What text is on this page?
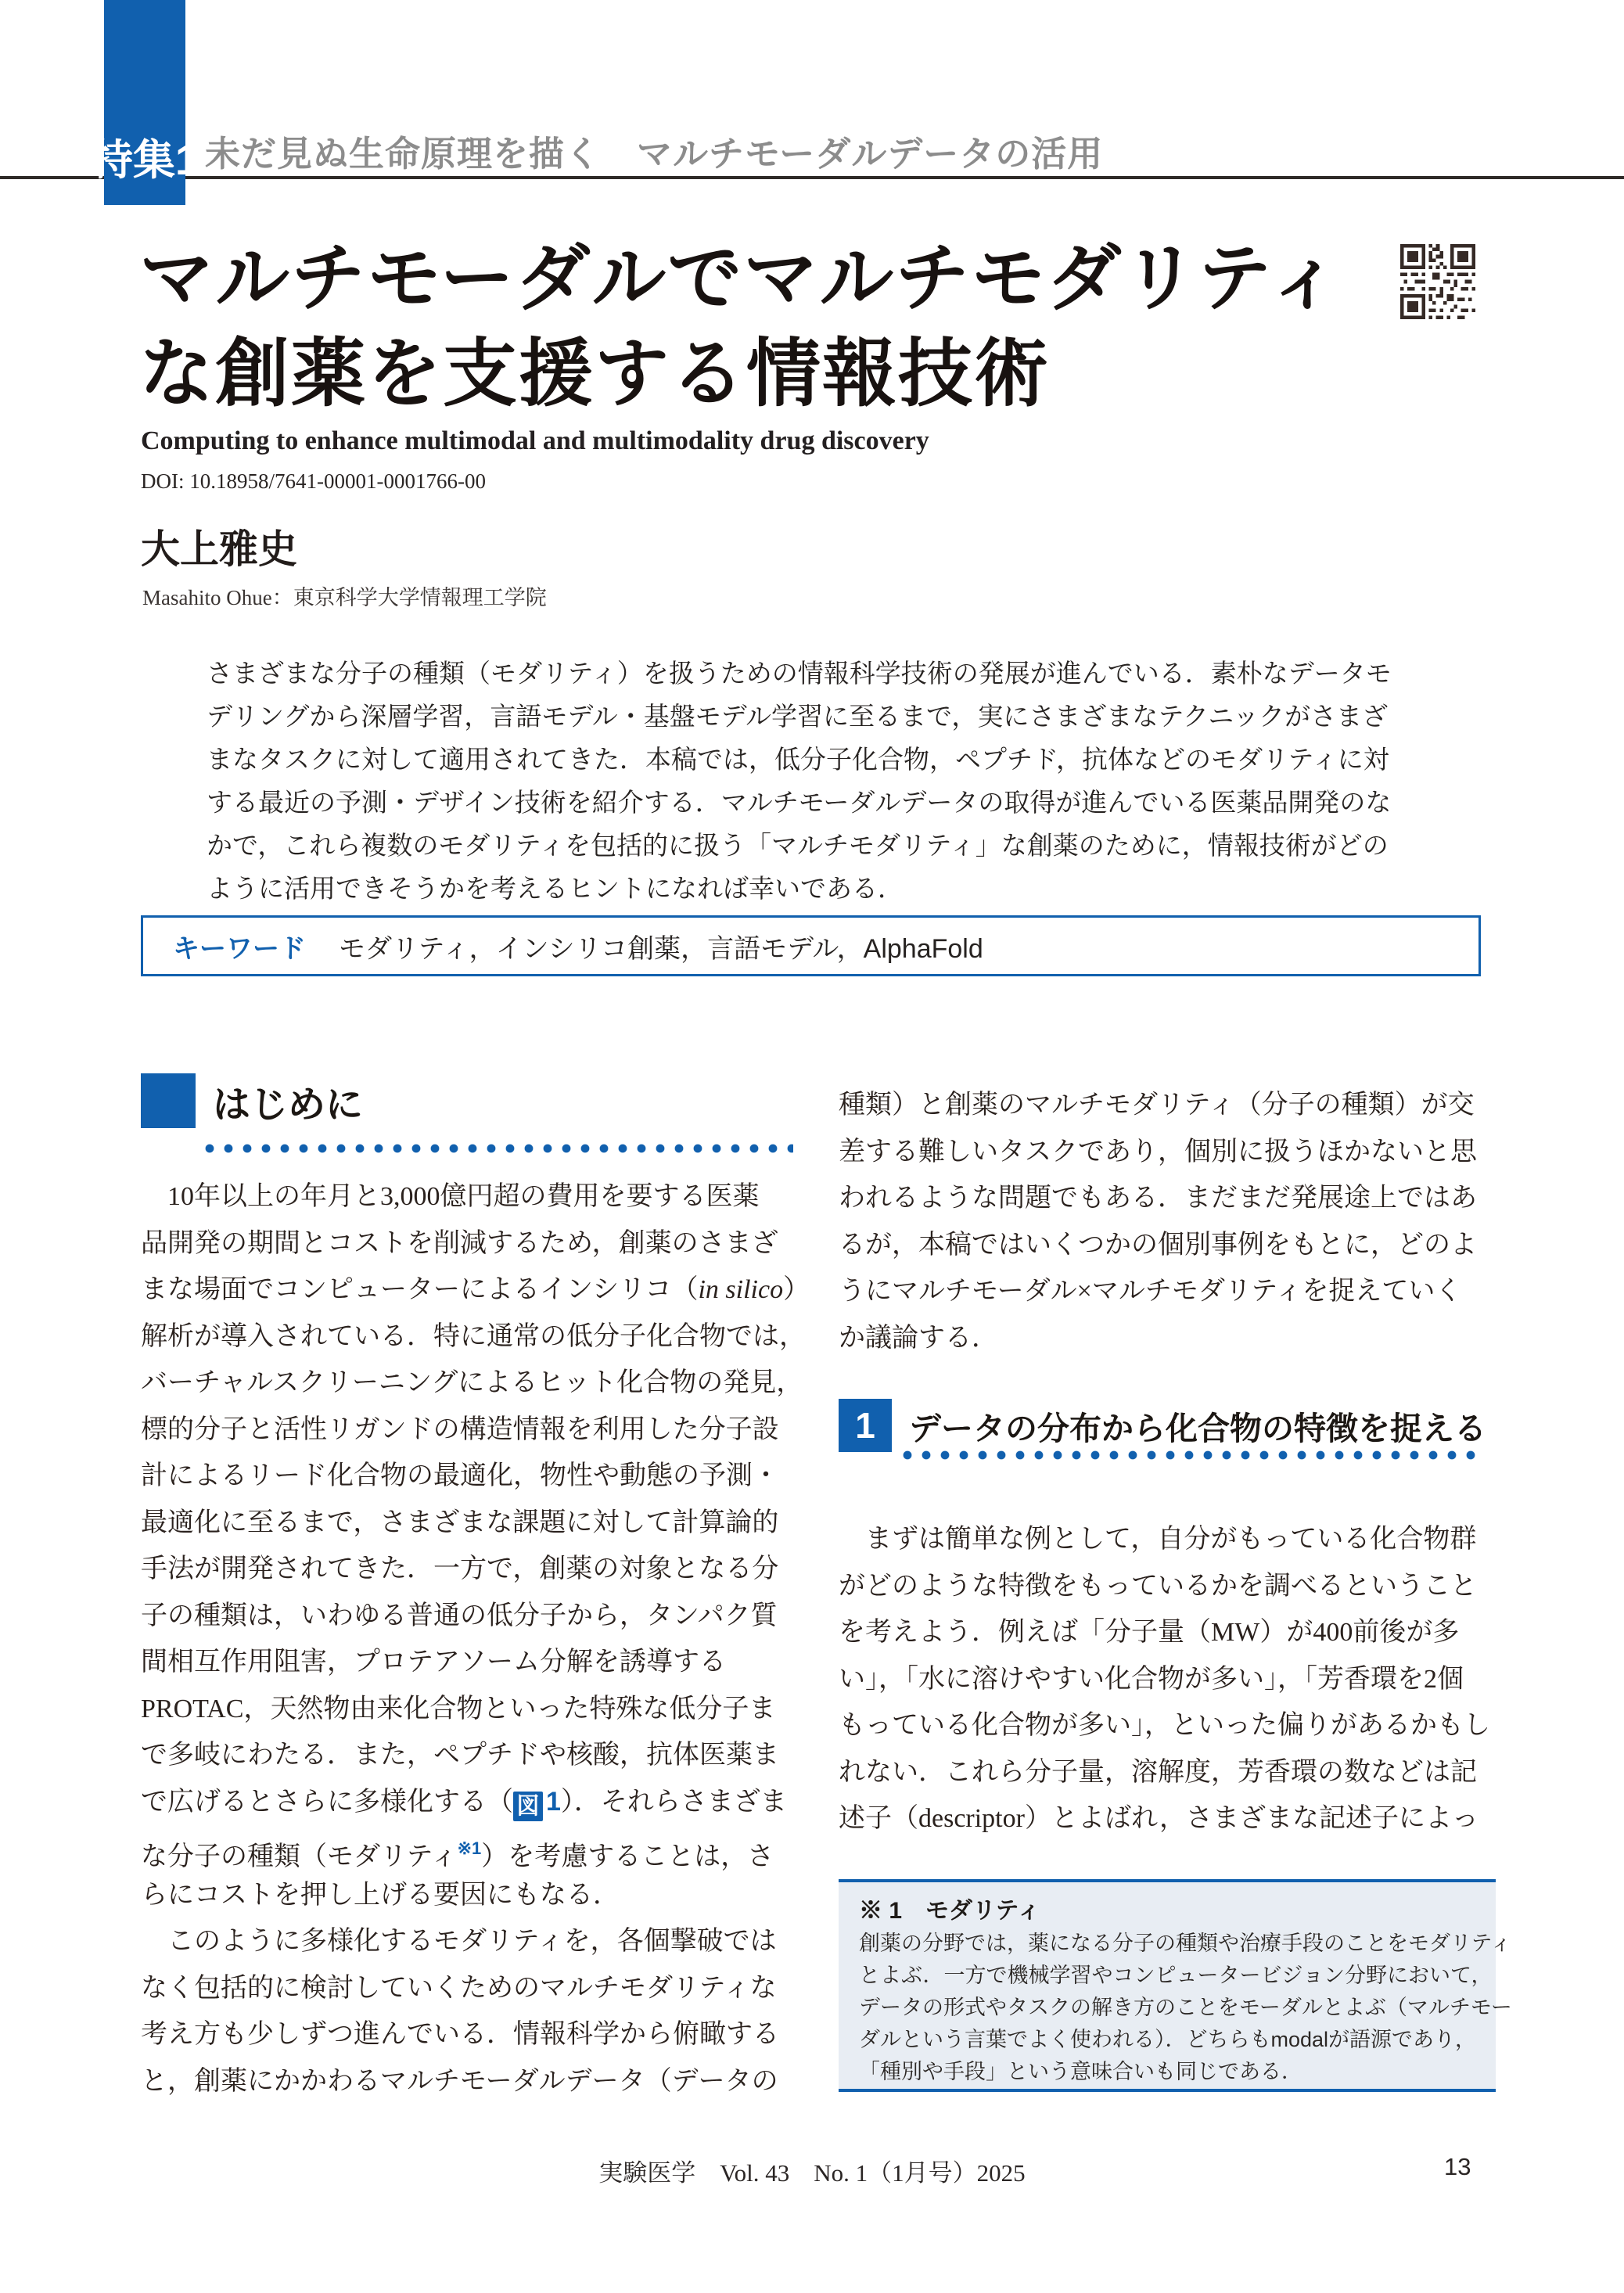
特集1 未だ見ぬ生命原理を描く　マルチモーダルデータの活用
マルチモーダルでマルチモダリティ
な創薬を支援する情報技術
Computing to enhance multimodal and multimodality drug discovery
DOI: 10.18958/7641-00001-0001766-00
大上雅史
Masahito Ohue：東京科学大学情報理工学院
さまざまな分子の種類（モダリティ）を扱うための情報科学技術の発展が進んでいる．素朴なデータモ
デリングから深層学習，言語モデル・基盤モデル学習に至るまで，実にさまざまなテクニックがさまざ
まなタスクに対して適用されてきた．本稿では，低分子化合物，ペプチド，抗体などのモダリティに対
する最近の予測・デザイン技術を紹介する．マルチモーダルデータの取得が進んでいる医薬品開発のな
かで，これら複数のモダリティを包括的に扱う「マルチモダリティ」な創薬のために，情報技術がどの
ように活用できそうかを考えるヒントになれば幸いである．
キーワード モダリティ，インシリコ創薬，言語モデル，AlphaFold
はじめに
　10年以上の年月と3,000億円超の費用を要する医薬
品開発の期間とコストを削減するため，創薬のさまざ
まな場面でコンピューターによるインシリコ（in silico）
解析が導入されている．特に通常の低分子化合物では，
バーチャルスクリーニングによるヒット化合物の発見，
標的分子と活性リガンドの構造情報を利用した分子設
計によるリード化合物の最適化，物性や動態の予測・
最適化に至るまで，さまざまな課題に対して計算論的
手法が開発されてきた．一方で，創薬の対象となる分
子の種類は，いわゆる普通の低分子から，タンパク質
間相互作用阻害，プロテアソーム分解を誘導する
PROTAC，天然物由来化合物といった特殊な低分子ま
で多岐にわたる．また，ペプチドや核酸，抗体医薬ま
で広げるとさらに多様化する（ 図 1）．それらさまざま
な分子の種類（モダリティ$^{※1}$）を考慮することは，さ
らにコストを押し上げる要因にもなる．
　このように多様化するモダリティを，各個撃破では
なく包括的に検討していくためのマルチモダリティな
考え方も少しずつ進んでいる．情報科学から俯瞰する
と，創薬にかかわるマルチモーダルデータ（データの
種類）と創薬のマルチモダリティ（分子の種類）が交
差する難しいタスクであり，個別に扱うほかないと思
われるような問題でもある．まだまだ発展途上ではあ
るが，本稿ではいくつかの個別事例をもとに，どのよ
うにマルチモーダル×マルチモダリティを捉えていく
か議論する．
1 データの分布から化合物の特徴を捉える
　まずは簡単な例として，自分がもっている化合物群
がどのような特徴をもっているかを調べるということ
を考えよう．例えば「分子量（MW）が400前後が多
い」，「水に溶けやすい化合物が多い」，「芳香環を2個
もっている化合物が多い」，といった偏りがあるかもし
れない．これら分子量，溶解度，芳香環の数などは記
述子（descriptor）とよばれ，さまざまな記述子によっ
※ 1　モダリティ
創薬の分野では，薬になる分子の種類や治療手段のことをモダリティ
とよぶ．一方で機械学習やコンピュータービジョン分野において，
データの形式やタスクの解き方のことをモーダルとよぶ（マルチモー
ダルという言葉でよく使われる）．どちらもmodalが語源であり，
「種別や手段」という意味合いも同じである．
実験医学　Vol. 43　No. 1（1月号）2025	13
